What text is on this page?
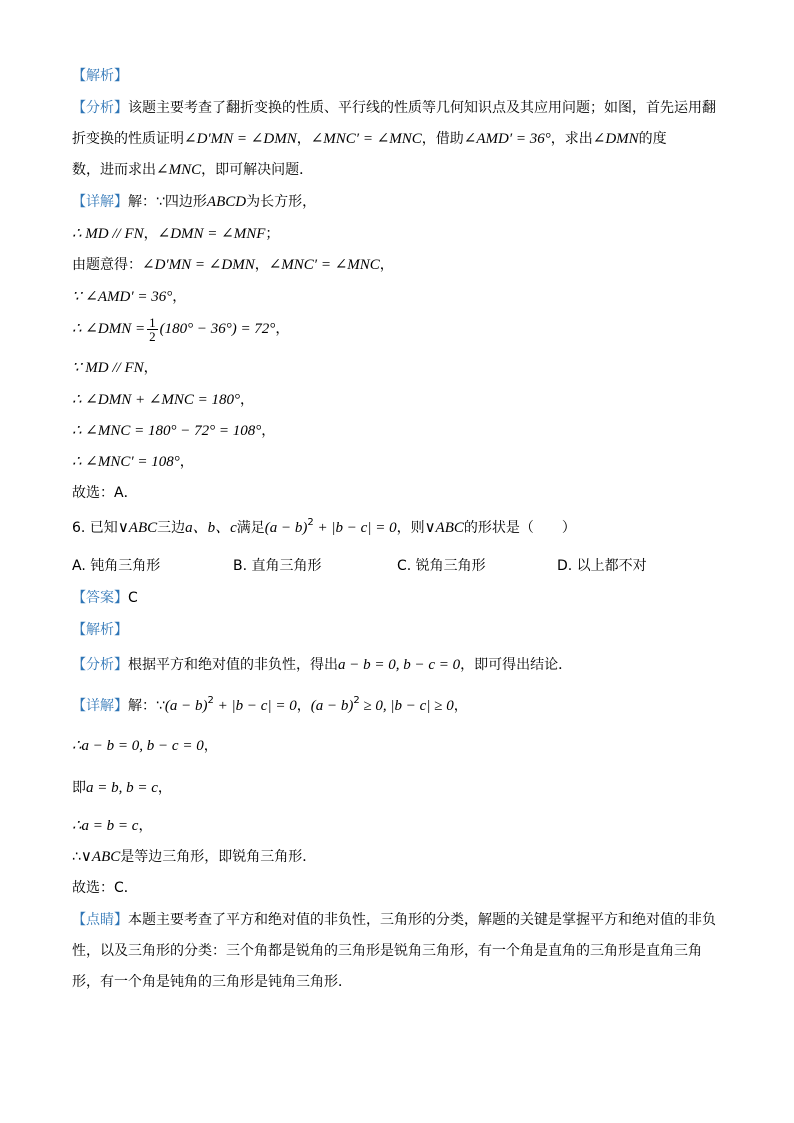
【解析】
【分析】该题主要考查了翻折变换的性质、平行线的性质等几何知识点及其应用问题；如图，首先运用翻
折变换的性质证明∠D′MN = ∠DMN，∠MNC′ = ∠MNC，借助∠AMD′ = 36°，求出∠DMN的度
数，进而求出∠MNC，即可解决问题．
【详解】解：∵四边形ABCD为长方形，
∴ MD // FN，∠DMN = ∠MNF；
由题意得：∠D′MN = ∠DMN，∠MNC′ = ∠MNC，
∵ ∠AMD′ = 36°，
∴ ∠DMN = $\frac{1}{2} (180^\circ - 36^\circ) = 72^\circ$，
∵ MD // FN，
∴ ∠DMN + ∠MNC = 180°，
∴ ∠MNC = 180° − 72° = 108°，
∴ ∠MNC′ = 108°，
故选：A．
6. 已知∨ABC三边a、b、c满足$(a - b)^2 + |b - c| = 0$，则∨ABC的形状是（　　）
A. 钝角三角形	B. 直角三角形	C. 锐角三角形	D. 以上都不对
【答案】C
【解析】
【分析】根据平方和绝对值的非负性，得出a − b = 0, b − c = 0，即可得出结论．
【详解】解：∵(a − b)$^2$ + |b − c| = 0，$(a - b)^2 \ge 0$, |b − c| ≥ 0，
∴a − b = 0, b − c = 0，
即a = b, b = c，
∴a = b = c，
∴∨ABC是等边三角形，即锐角三角形．
故选：C．
【点睛】本题主要考查了平方和绝对值的非负性，三角形的分类，解题的关键是掌握平方和绝对值的非负
性，以及三角形的分类：三个角都是锐角的三角形是锐角三角形，有一个角是直角的三角形是直角三角
形，有一个角是钝角的三角形是钝角三角形．
